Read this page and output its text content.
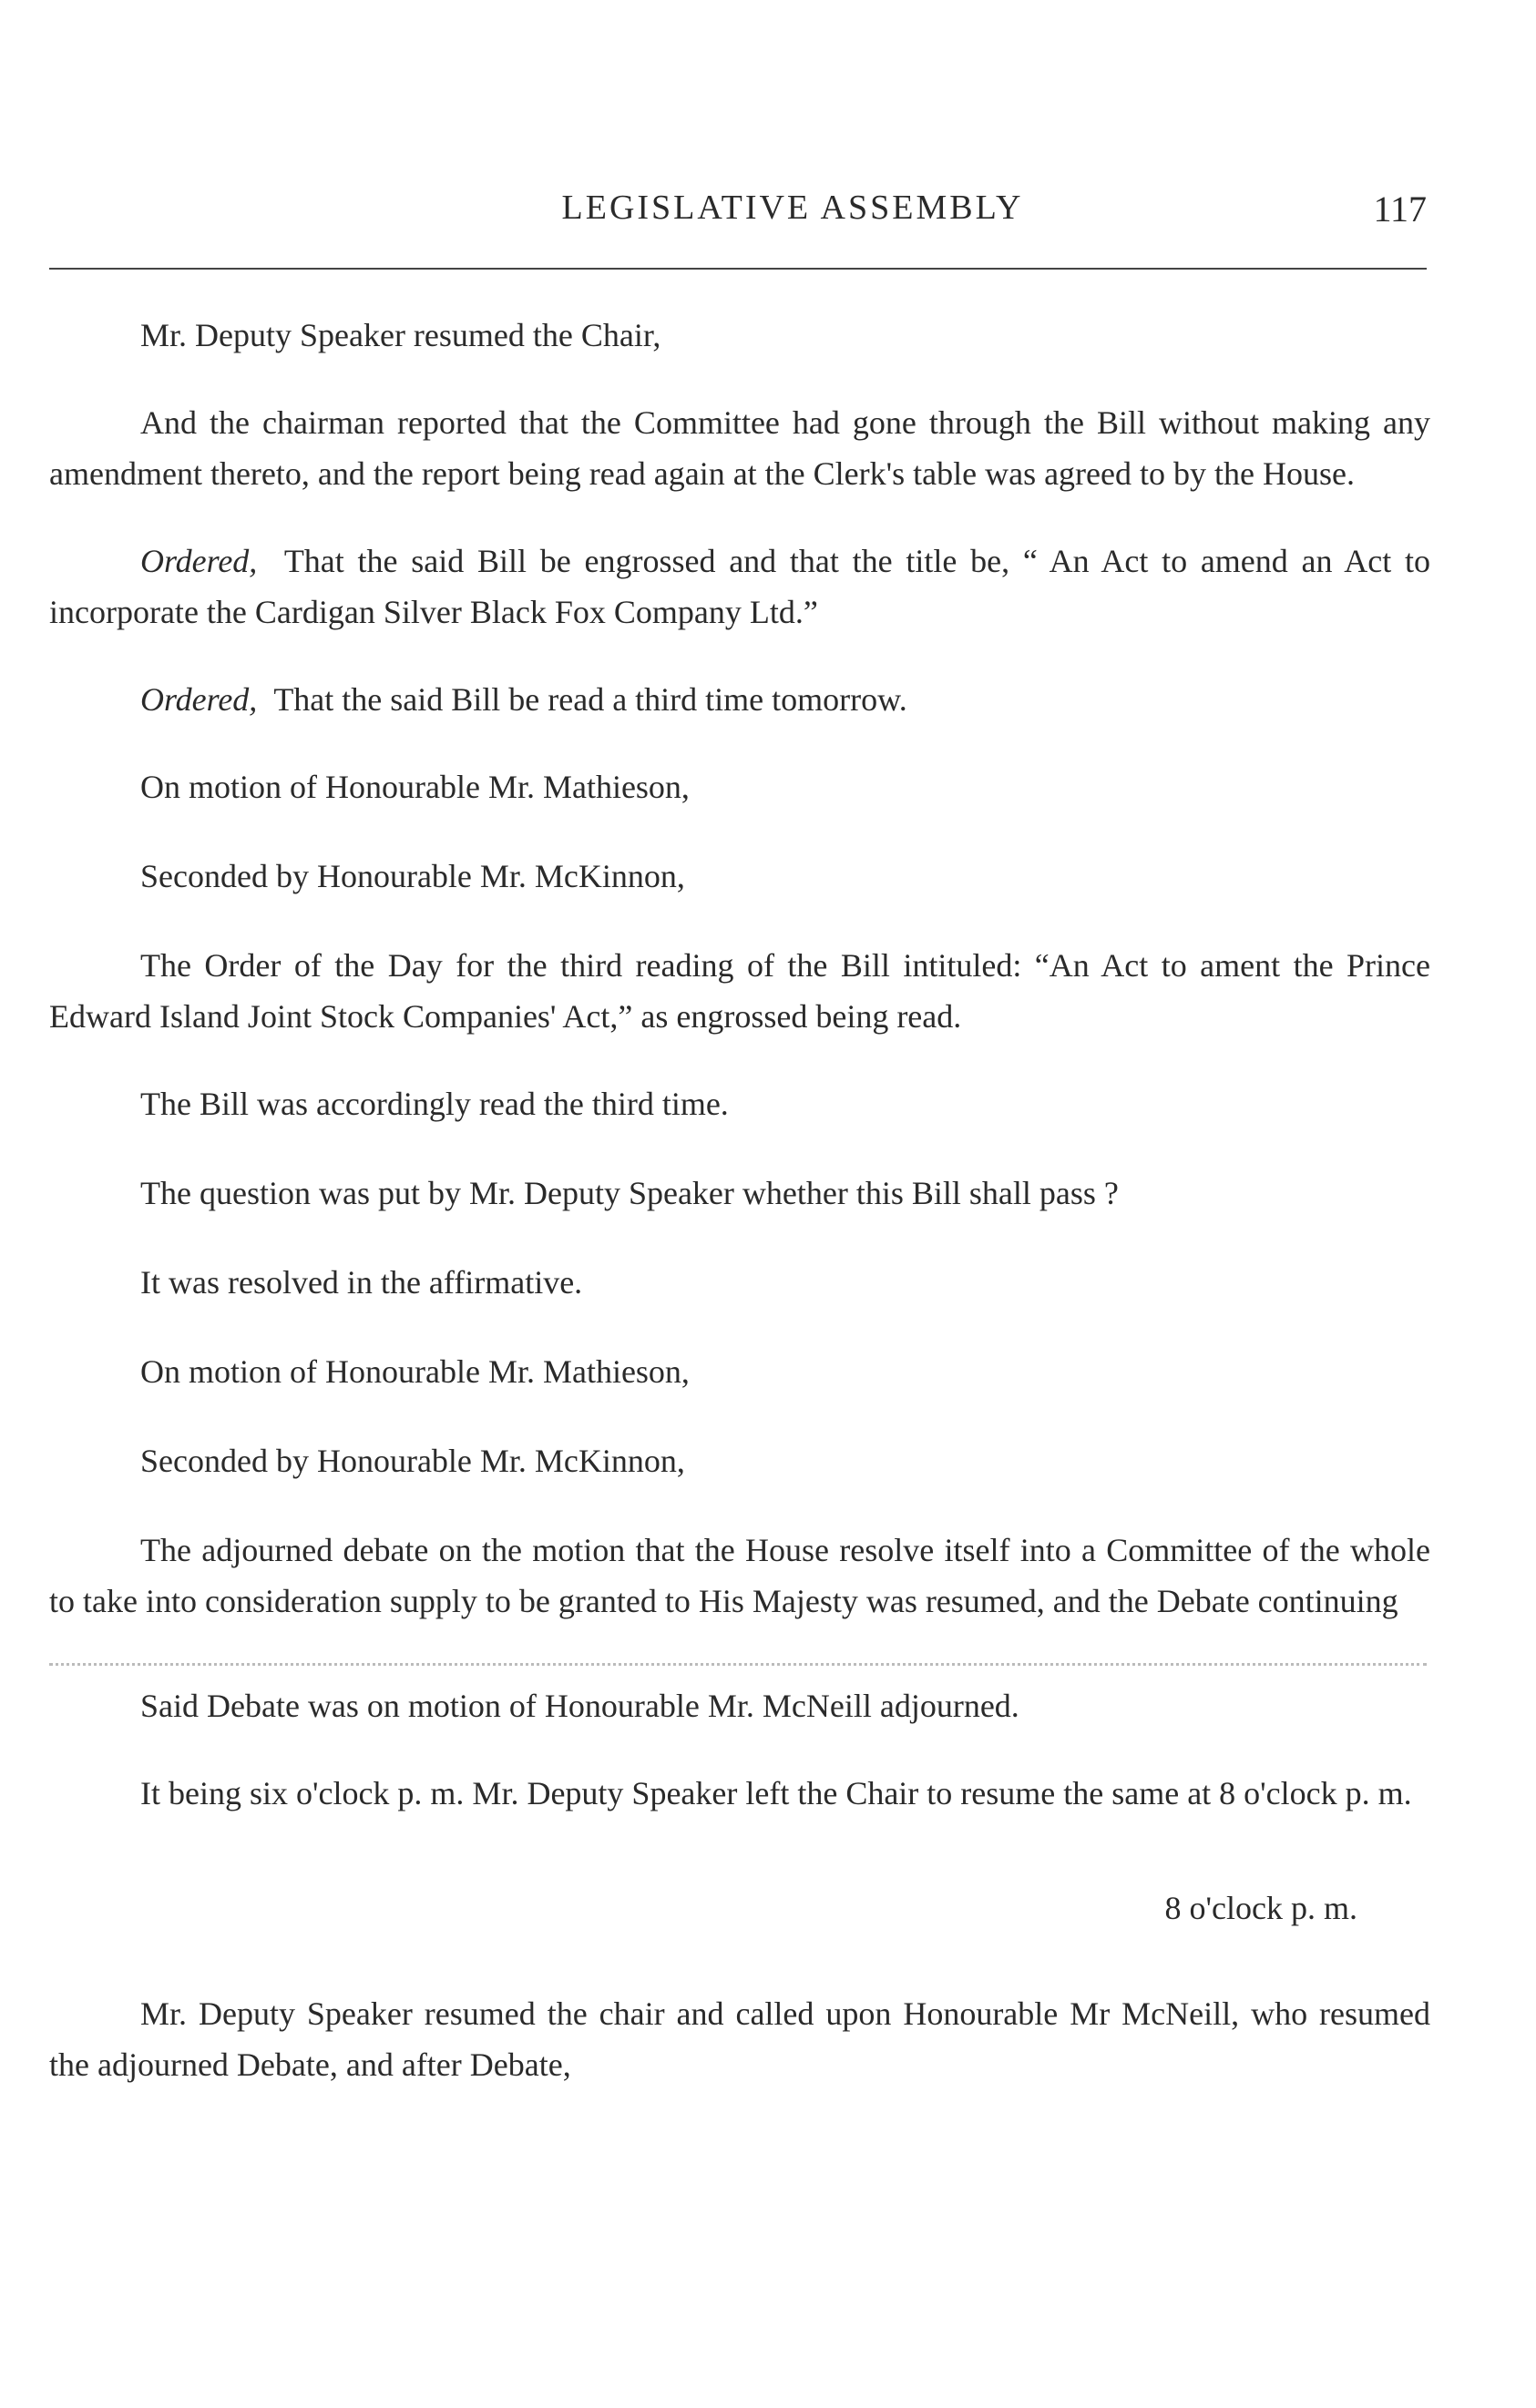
LEGISLATIVE ASSEMBLY	117

Mr. Deputy Speaker resumed the Chair,

And the chairman reported that the Committee had gone through the Bill without making any amendment thereto, and the report being read again at the Clerk's table was agreed to by the House.

Ordered, That the said Bill be engrossed and that the title be, “ An Act to amend an Act to incorporate the Cardigan Silver Black Fox Company Ltd.”

Ordered, That the said Bill be read a third time tomorrow.

On motion of Honourable Mr. Mathieson,

Seconded by Honourable Mr. McKinnon,

The Order of the Day for the third reading of the Bill intituled: “An Act to ament the Prince Edward Island Joint Stock Companies' Act,” as engrossed being read.

The Bill was accordingly read the third time.

The question was put by Mr. Deputy Speaker whether this Bill shall pass ?

It was resolved in the affirmative.

On motion of Honourable Mr. Mathieson,

Seconded by Honourable Mr. McKinnon,

The adjourned debate on the motion that the House resolve itself into a Committee of the whole to take into consideration supply to be granted to His Majesty was resumed, and the Debate continuing

Said Debate was on motion of Honourable Mr. McNeill adjourned.

It being six o'clock p. m. Mr. Deputy Speaker left the Chair to resume the same at 8 o'clock p. m.

8 o'clock p. m.

Mr. Deputy Speaker resumed the chair and called upon Honourable Mr McNeill, who resumed the adjourned Debate, and after Debate,
